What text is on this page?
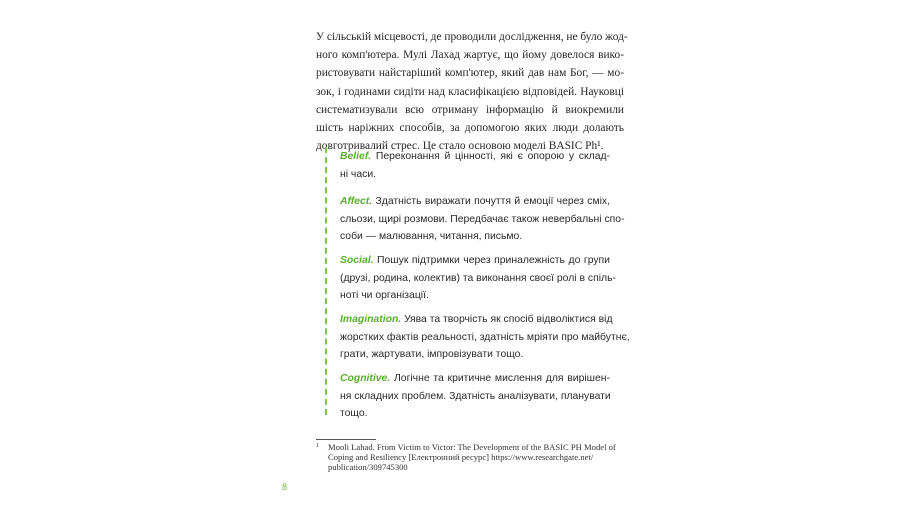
У сільській місцевості, де проводили дослідження, не було жод-
ного комп'ютера. Мулі Лахад жартує, що йому довелося вико-
ристовувати найстаріший комп'ютер, який дав нам Бог, — мо-
зок, і годинами сидіти над класифікацією відповідей. Науковці
систематизували всю отриману інформацію й виокремили
шість наріжних способів, за допомогою яких люди долають
довготривалий стрес. Це стало основою моделі BASIC Ph¹.
Belief. Переконання й цінності, які є опорою у склад-
ні часи.
Affect. Здатність виражати почуття й емоції через сміх,
сльози, щирі розмови. Передбачає також невербальні спо-
соби — малювання, читання, письмо.
Social. Пошук підтримки через приналежність до групи
(друзі, родина, колектив) та виконання своєї ролі в спіль-
ноті чи організації.
Imagination. Уява та творчість як спосіб відволіктися від
жорстких фактів реальності, здатність мріяти про майбутнє,
грати, жартувати, імпровізувати тощо.
Cognitive. Логічне та критичне мислення для вирішен-
ня складних проблем. Здатність аналізувати, планувати
тощо.
1 Mooli Lahad. From Victim to Victor: The Development of the BASIC PH Model of
Coping and Resiliency [Електронний ресурс] https://www.researchgate.net/
publication/309745300
8
